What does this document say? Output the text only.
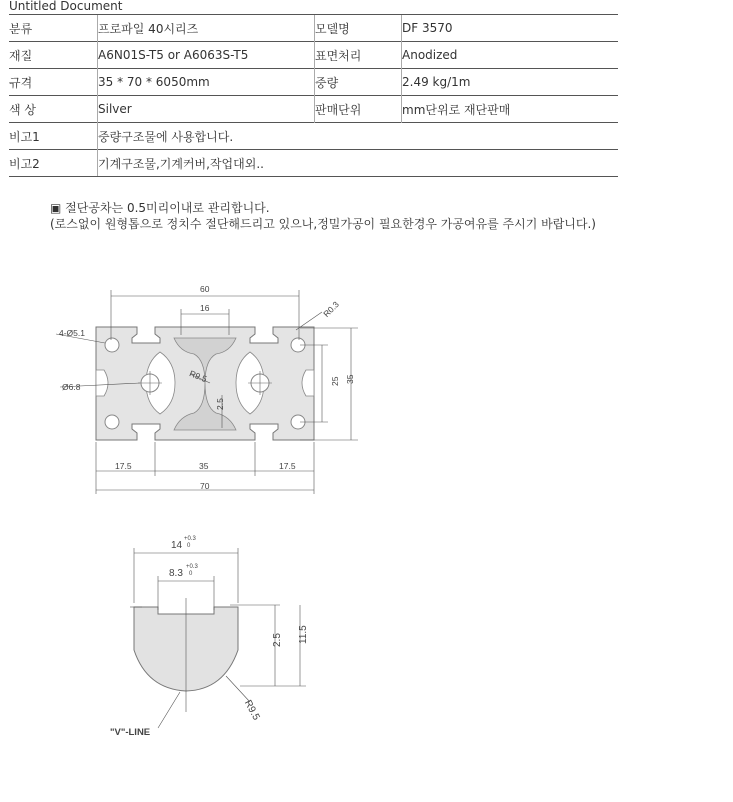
Untitled Document
분류	프로파일 40시리즈	모델명	DF 3570
재질	A6N01S-T5 or A6063S-T5	표면처리	Anodized
규격	35 * 70 * 6050mm	중량	2.49 kg/1m
색 상	Silver	판매단위	mm단위로 재단판매
비고1	중량구조물에 사용합니다.		
비고2	기계구조물,기계커버,작업대외..		
▣ 절단공차는 0.5미리이내로 관리합니다.
(로스없이 원형톱으로 정치수 절단해드리고 있으나,정밀가공이 필요한경우 가공여유를 주시기 바랍니다.)
60
16	R0.3
4-Ø5.1
Ø6.8
R9.5	25 35
2.5
17.5	35	17.5
70
14
+0.3
0
8.3
+0.3
0
2.5 11.5
R9.5
"V"-LINE
